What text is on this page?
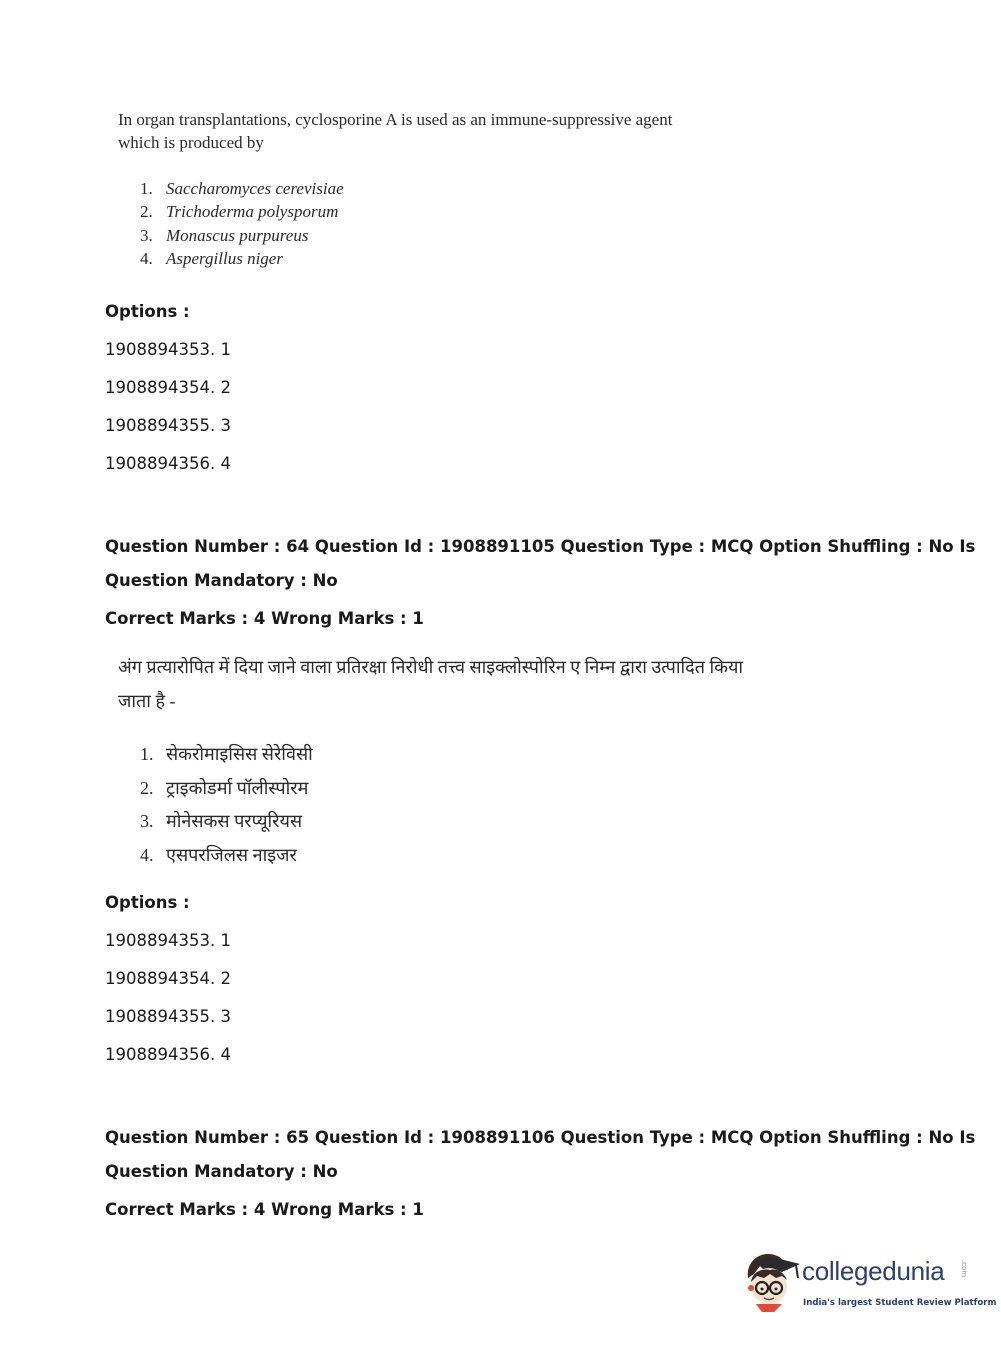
In organ transplantations, cyclosporine A is used as an immune-suppressive agent which is produced by
1. Saccharomyces cerevisiae
2. Trichoderma polysporum
3. Monascus purpureus
4. Aspergillus niger
Options :
1908894353. 1
1908894354. 2
1908894355. 3
1908894356. 4
Question Number : 64 Question Id : 1908891105 Question Type : MCQ Option Shuffling : No Is
Question Mandatory : No
Correct Marks : 4 Wrong Marks : 1
अंग प्रत्यारोपित में दिया जाने वाला प्रतिरक्षा निरोधी तत्त्व साइक्लोस्पोरिन ए निम्न द्वारा उत्पादित किया जाता है -
1. सेकरोमाइसिस सेरेविसी
2. ट्राइकोडर्मा पॉलीस्पोरम
3. मोनेसकस परप्यूरियस
4. एसपरजिलस नाइजर
Options :
1908894353. 1
1908894354. 2
1908894355. 3
1908894356. 4
Question Number : 65 Question Id : 1908891106 Question Type : MCQ Option Shuffling : No Is
Question Mandatory : No
Correct Marks : 4 Wrong Marks : 1
collegedunia .com
India's largest Student Review Platform
